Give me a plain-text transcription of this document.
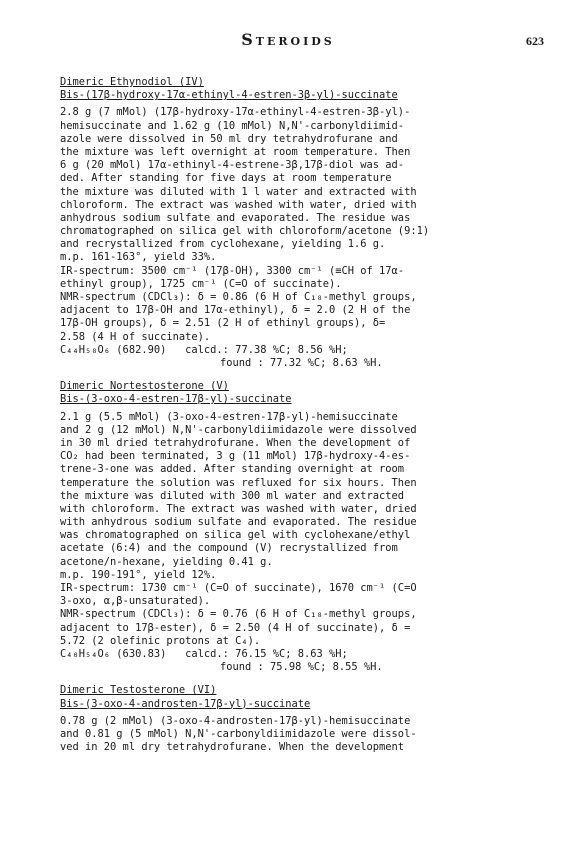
Steroids	623
Dimeric Ethynodiol (IV)
Bis-(17β-hydroxy-17α-ethinyl-4-estren-3β-yl)-succinate
2.8 g (7 mMol) (17β-hydroxy-17α-ethinyl-4-estren-3β-yl)-
hemisuccinate and 1.62 g (10 mMol) N,N'-carbonyldiimid-
azole were dissolved in 50 ml dry tetrahydrofurane and
the mixture was left overnight at room temperature. Then
6 g (20 mMol) 17α-ethinyl-4-estrene-3β,17β-diol was ad-
ded. After standing for five days at room temperature
the mixture was diluted with 1 l water and extracted with
chloroform. The extract was washed with water, dried with
anhydrous sodium sulfate and evaporated. The residue was
chromatographed on silica gel with chloroform/acetone (9:1)
and recrystallized from cyclohexane, yielding 1.6 g.
m.p. 161-163°, yield 33%.
IR-spectrum: 3500 cm⁻¹ (17β-OH), 3300 cm⁻¹ (≡CH of 17α-
ethinyl group), 1725 cm⁻¹ (C=O of succinate).
NMR-spectrum (CDCl₃): δ = 0.86 (6 H of C₁₈-methyl groups,
adjacent to 17β-OH and 17α-ethinyl), δ = 2.0 (2 H of the
17β-OH groups), δ = 2.51 (2 H of ethinyl groups), δ=
2.58 (4 H of succinate).
C₄₄H₅₈O₆ (682.90) calcd.: 77.38 %C; 8.56 %H;
found : 77.32 %C; 8.63 %H.
Dimeric Nortestosterone (V)
Bis-(3-oxo-4-estren-17β-yl)-succinate
2.1 g (5.5 mMol) (3-oxo-4-estren-17β-yl)-hemisuccinate
and 2 g (12 mMol) N,N'-carbonyldiimidazole were dissolved
in 30 ml dried tetrahydrofurane. When the development of
CO₂ had been terminated, 3 g (11 mMol) 17β-hydroxy-4-es-
trene-3-one was added. After standing overnight at room
temperature the solution was refluxed for six hours. Then
the mixture was diluted with 300 ml water and extracted
with chloroform. The extract was washed with water, dried
with anhydrous sodium sulfate and evaporated. The residue
was chromatographed on silica gel with cyclohexane/ethyl
acetate (6:4) and the compound (V) recrystallized from
acetone/n-hexane, yielding 0.41 g.
m.p. 190-191°, yield 12%.
IR-spectrum: 1730 cm⁻¹ (C=O of succinate), 1670 cm⁻¹ (C=O
3-oxo, α,β-unsaturated).
NMR-spectrum (CDCl₃): δ = 0.76 (6 H of C₁₈-methyl groups,
adjacent to 17β-ester), δ = 2.50 (4 H of succinate), δ =
5.72 (2 olefinic protons at C₄).
C₄₀H₅₄O₆ (630.83) calcd.: 76.15 %C; 8.63 %H;
found : 75.98 %C; 8.55 %H.
Dimeric Testosterone (VI)
Bis-(3-oxo-4-androsten-17β-yl)-succinate
0.78 g (2 mMol) (3-oxo-4-androsten-17β-yl)-hemisuccinate
and 0.81 g (5 mMol) N,N'-carbonyldiimidazole were dissol-
ved in 20 ml dry tetrahydrofurane. When the development
